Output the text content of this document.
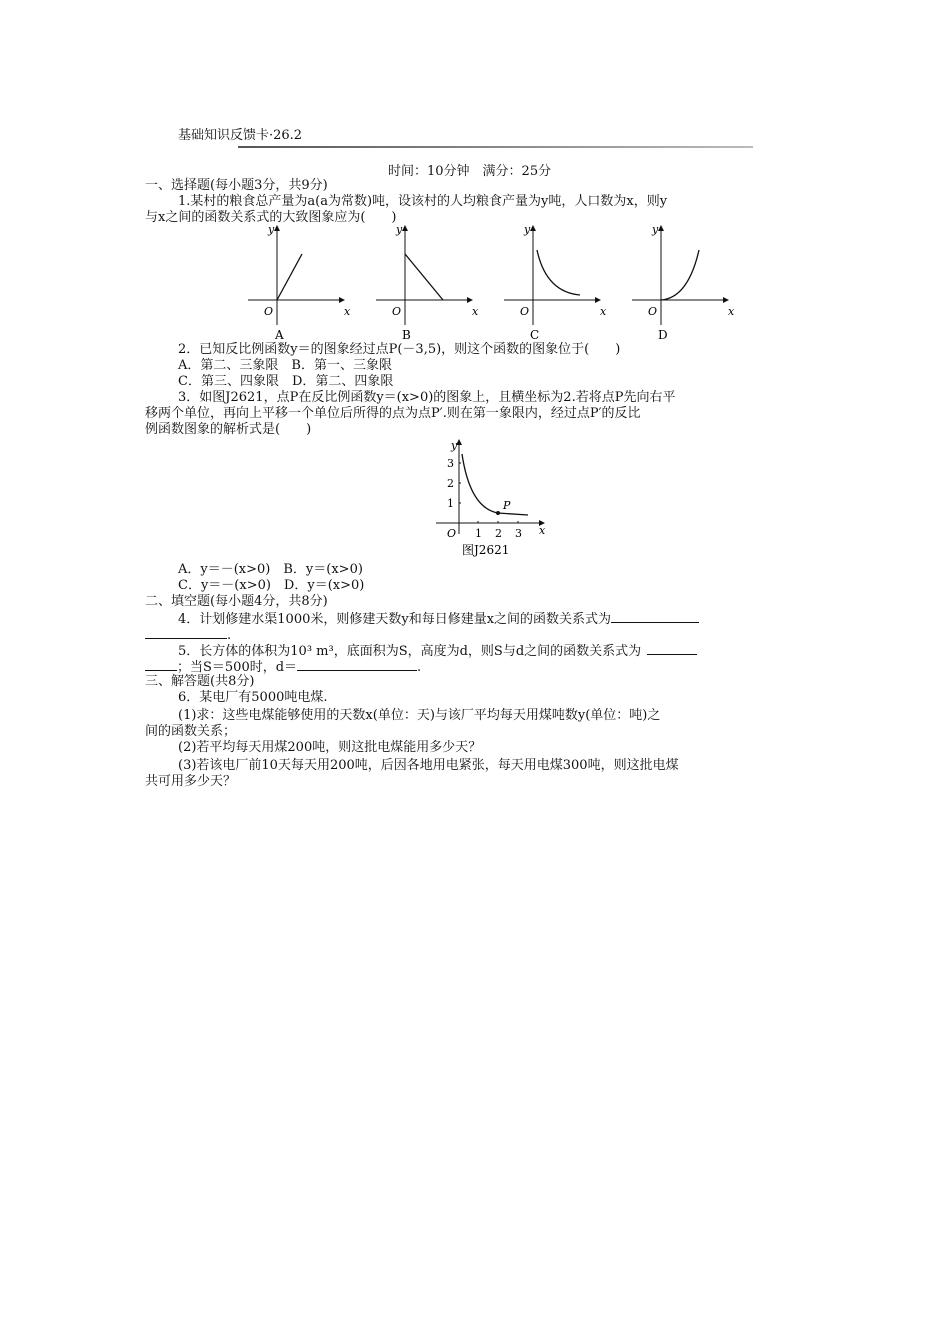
基础知识反馈卡·26.2
时间：10分钟　满分：25分
一、选择题(每小题3分，共9分)
1.某村的粮食总产量为a(a为常数)吨，设该村的人均粮食产量为y吨，人口数为x，则y
与x之间的函数关系式的大致图象应为(　　)
y
x
O
A
y
x
O
B
y
x
O
C
y
x
O
D
2．已知反比例函数y＝的图象经过点P(－3,5)，则这个函数的图象位于(　　)
A．第二、三象限　B．第一、三象限
C．第三、四象限　D．第二、四象限
3．如图J2621，点P在反比例函数y＝(x>0)的图象上，且横坐标为2.若将点P先向右平
移两个单位，再向上平移一个单位后所得的点为点P′.则在第一象限内，经过点P′的反比
例函数图象的解析式是(　　)
y
x
O
P
1 2 3
1
2
3
图J2621
A．y＝－(x>0)　B．y＝(x>0)
C．y＝－(x>0)　D．y＝(x>0)
二、填空题(每小题4分，共8分)
4．计划修建水渠1000米，则修建天数y和每日修建量x之间的函数关系式为
.
5．长方体的体积为10³ m³，底面积为S，高度为d，则S与d之间的函数关系式为
；当S＝500时，d＝	.
三、解答题(共8分)
6．某电厂有5000吨电煤.
(1)求：这些电煤能够使用的天数x(单位：天)与该厂平均每天用煤吨数y(单位：吨)之
间的函数关系；
(2)若平均每天用煤200吨，则这批电煤能用多少天？
(3)若该电厂前10天每天用200吨，后因各地用电紧张，每天用电煤300吨，则这批电煤
共可用多少天？
